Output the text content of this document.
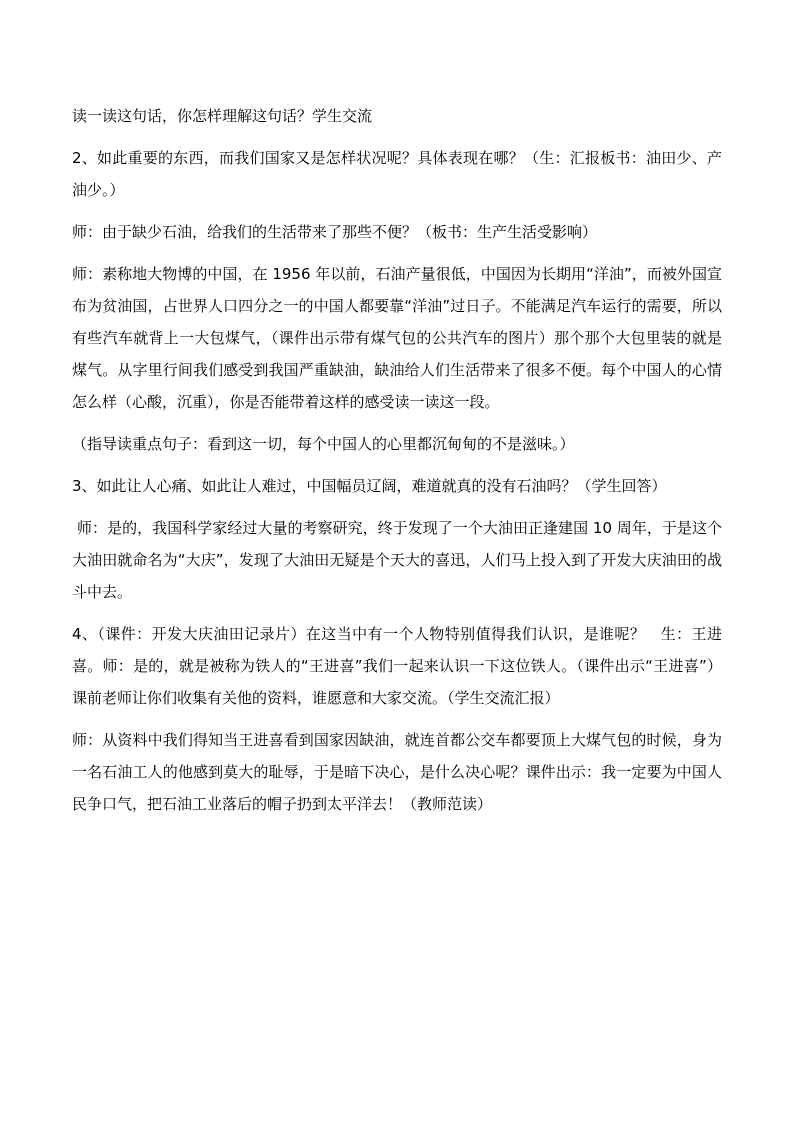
读一读这句话，你怎样理解这句话？学生交流

2、如此重要的东西，而我们国家又是怎样状况呢？具体表现在哪？（生：汇报板书：油田少、产油少。）

师：由于缺少石油，给我们的生活带来了那些不便？（板书：生产生活受影响）

师：素称地大物博的中国，在 1956 年以前，石油产量很低，中国因为长期用“洋油”，而被外国宣布为贫油国，占世界人口四分之一的中国人都要靠“洋油”过日子。不能满足汽车运行的需要，所以有些汽车就背上一大包煤气，（课件出示带有煤气包的公共汽车的图片）那个那个大包里装的就是煤气。从字里行间我们感受到我国严重缺油，缺油给人们生活带来了很多不便。每个中国人的心情怎么样（心酸，沉重），你是否能带着这样的感受读一读这一段。

（指导读重点句子：看到这一切，每个中国人的心里都沉甸甸的不是滋味。）

3、如此让人心痛、如此让人难过，中国幅员辽阔，难道就真的没有石油吗？（学生回答）

师：是的，我国科学家经过大量的考察研究，终于发现了一个大油田正逢建国 10 周年，于是这个大油田就命名为“大庆”，发现了大油田无疑是个天大的喜迅，人们马上投入到了开发大庆油田的战斗中去。

4、（课件：开发大庆油田记录片）在这当中有一个人物特别值得我们认识，是谁呢？　生：王进喜。师：是的，就是被称为铁人的“王进喜”我们一起来认识一下这位铁人。（课件出示“王进喜”）课前老师让你们收集有关他的资料，谁愿意和大家交流。（学生交流汇报）

师：从资料中我们得知当王进喜看到国家因缺油，就连首都公交车都要顶上大煤气包的时候，身为一名石油工人的他感到莫大的耻辱，于是暗下决心，是什么决心呢？课件出示：我一定要为中国人民争口气，把石油工业落后的帽子扔到太平洋去！（教师范读）
